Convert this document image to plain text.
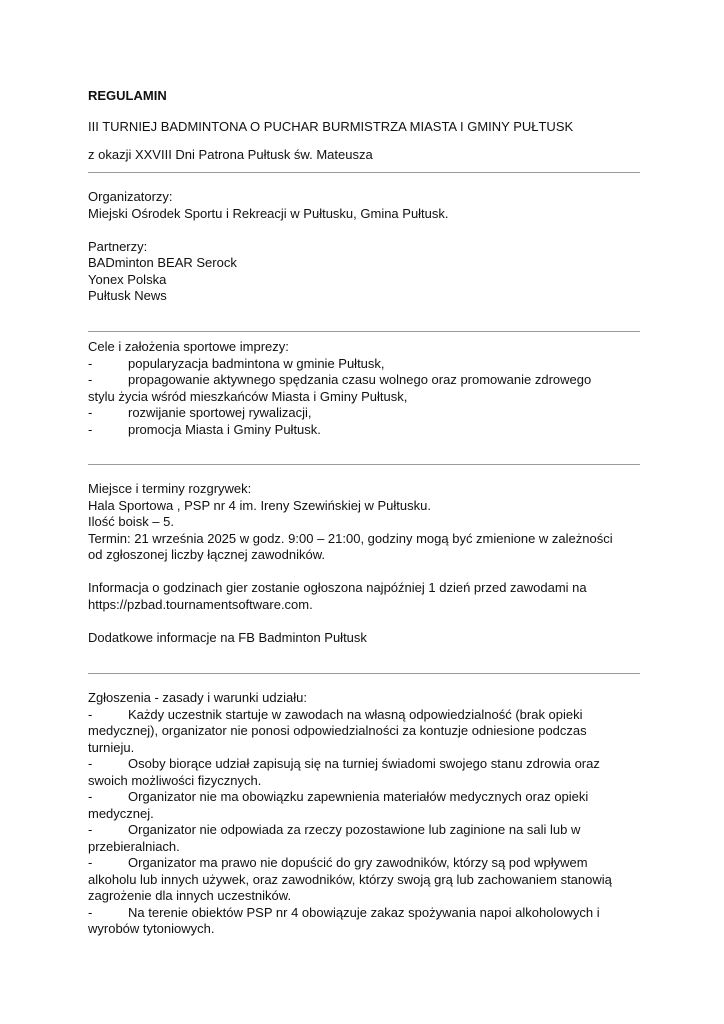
REGULAMIN
III TURNIEJ BADMINTONA O PUCHAR BURMISTRZA MIASTA I GMINY PUŁTUSK
z okazji XXVIII Dni Patrona Pułtusk św. Mateusza

Organizatorzy:

Miejski Ośrodek Sportu i Rekreacji w Pułtusku, Gmina Pułtusk.

Partnerzy:

BADminton BEAR Serock

Yonex Polska

Pułtusk News

Cele i założenia sportowe imprezy:

-	popularyzacja badmintona w gminie Pułtusk,
-	propagowanie aktywnego spędzania czasu wolnego oraz promowanie zdrowego
stylu życia wśród mieszkańców Miasta i Gminy Pułtusk,
-	rozwijanie sportowej rywalizacji,
-	promocja Miasta i Gminy Pułtusk.

Miejsce i terminy rozgrywek:

Hala Sportowa , PSP nr 4 im. Ireny Szewińskiej w Pułtusku.

Ilość boisk – 5.

Termin: 21 września 2025 w godz. 9:00 – 21:00, godziny mogą być zmienione w zależności

od zgłoszonej liczby łącznej zawodników.

Informacja o godzinach gier zostanie ogłoszona najpóźniej 1 dzień przed zawodami na

https://pzbad.tournamentsoftware.com.

Dodatkowe informacje na FB Badminton Pułtusk

Zgłoszenia - zasady i warunki udziału:

-	Każdy uczestnik startuje w zawodach na własną odpowiedzialność (brak opieki
medycznej), organizator nie ponosi odpowiedzialności za kontuzje odniesione podczas
turnieju.
-	Osoby biorące udział zapisują się na turniej świadomi swojego stanu zdrowia oraz
swoich możliwości fizycznych.
-	Organizator nie ma obowiązku zapewnienia materiałów medycznych oraz opieki
medycznej.
-	Organizator nie odpowiada za rzeczy pozostawione lub zaginione na sali lub w
przebieralniach.
-	Organizator ma prawo nie dopuścić do gry zawodników, którzy są pod wpływem
alkoholu lub innych używek, oraz zawodników, którzy swoją grą lub zachowaniem stanowią
zagrożenie dla innych uczestników.
-	Na terenie obiektów PSP nr 4 obowiązuje zakaz spożywania napoi alkoholowych i
wyrobów tytoniowych.
